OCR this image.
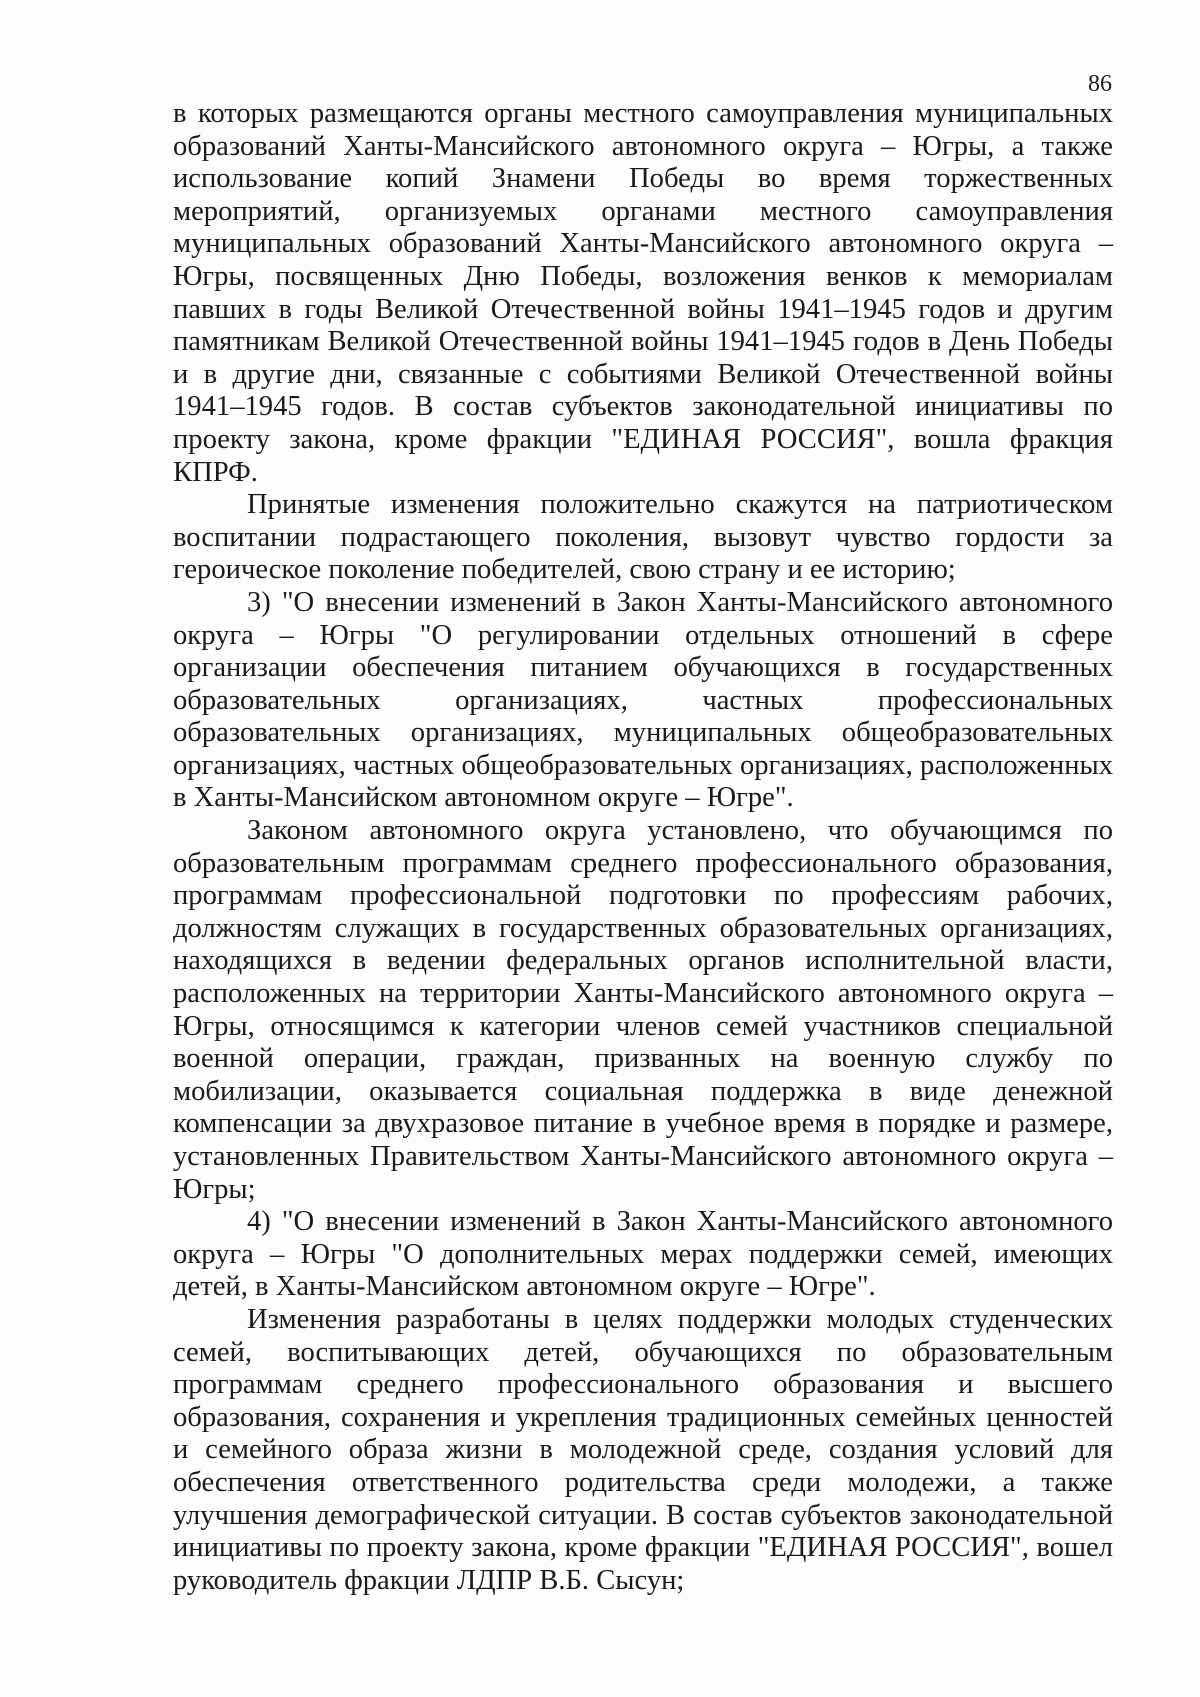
86

в которых размещаются органы местного самоуправления муниципальных образований Ханты-Мансийского автономного округа – Югры, а также использование копий Знамени Победы во время торжественных мероприятий, организуемых органами местного самоуправления муниципальных образований Ханты-Мансийского автономного округа – Югры, посвященных Дню Победы, возложения венков к мемориалам павших в годы Великой Отечественной войны 1941–1945 годов и другим памятникам Великой Отечественной войны 1941–1945 годов в День Победы и в другие дни, связанные с событиями Великой Отечественной войны 1941–1945 годов. В состав субъектов законодательной инициативы по проекту закона, кроме фракции "ЕДИНАЯ РОССИЯ", вошла фракция КПРФ.

Принятые изменения положительно скажутся на патриотическом воспитании подрастающего поколения, вызовут чувство гордости за героическое поколение победителей, свою страну и ее историю;

3) "О внесении изменений в Закон Ханты-Мансийского автономного округа – Югры "О регулировании отдельных отношений в сфере организации обеспечения питанием обучающихся в государственных образовательных организациях, частных профессиональных образовательных организациях, муниципальных общеобразовательных организациях, частных общеобразовательных организациях, расположенных в Ханты-Мансийском автономном округе – Югре".

Законом автономного округа установлено, что обучающимся по образовательным программам среднего профессионального образования, программам профессиональной подготовки по профессиям рабочих, должностям служащих в государственных образовательных организациях, находящихся в ведении федеральных органов исполнительной власти, расположенных на территории Ханты-Мансийского автономного округа – Югры, относящимся к категории членов семей участников специальной военной операции, граждан, призванных на военную службу по мобилизации, оказывается социальная поддержка в виде денежной компенсации за двухразовое питание в учебное время в порядке и размере, установленных Правительством Ханты-Мансийского автономного округа – Югры;

4) "О внесении изменений в Закон Ханты-Мансийского автономного округа – Югры "О дополнительных мерах поддержки семей, имеющих детей, в Ханты-Мансийском автономном округе – Югре".

Изменения разработаны в целях поддержки молодых студенческих семей, воспитывающих детей, обучающихся по образовательным программам среднего профессионального образования и высшего образования, сохранения и укрепления традиционных семейных ценностей и семейного образа жизни в молодежной среде, создания условий для обеспечения ответственного родительства среди молодежи, а также улучшения демографической ситуации. В состав субъектов законодательной инициативы по проекту закона, кроме фракции "ЕДИНАЯ РОССИЯ", вошел руководитель фракции ЛДПР В.Б. Сысун;
